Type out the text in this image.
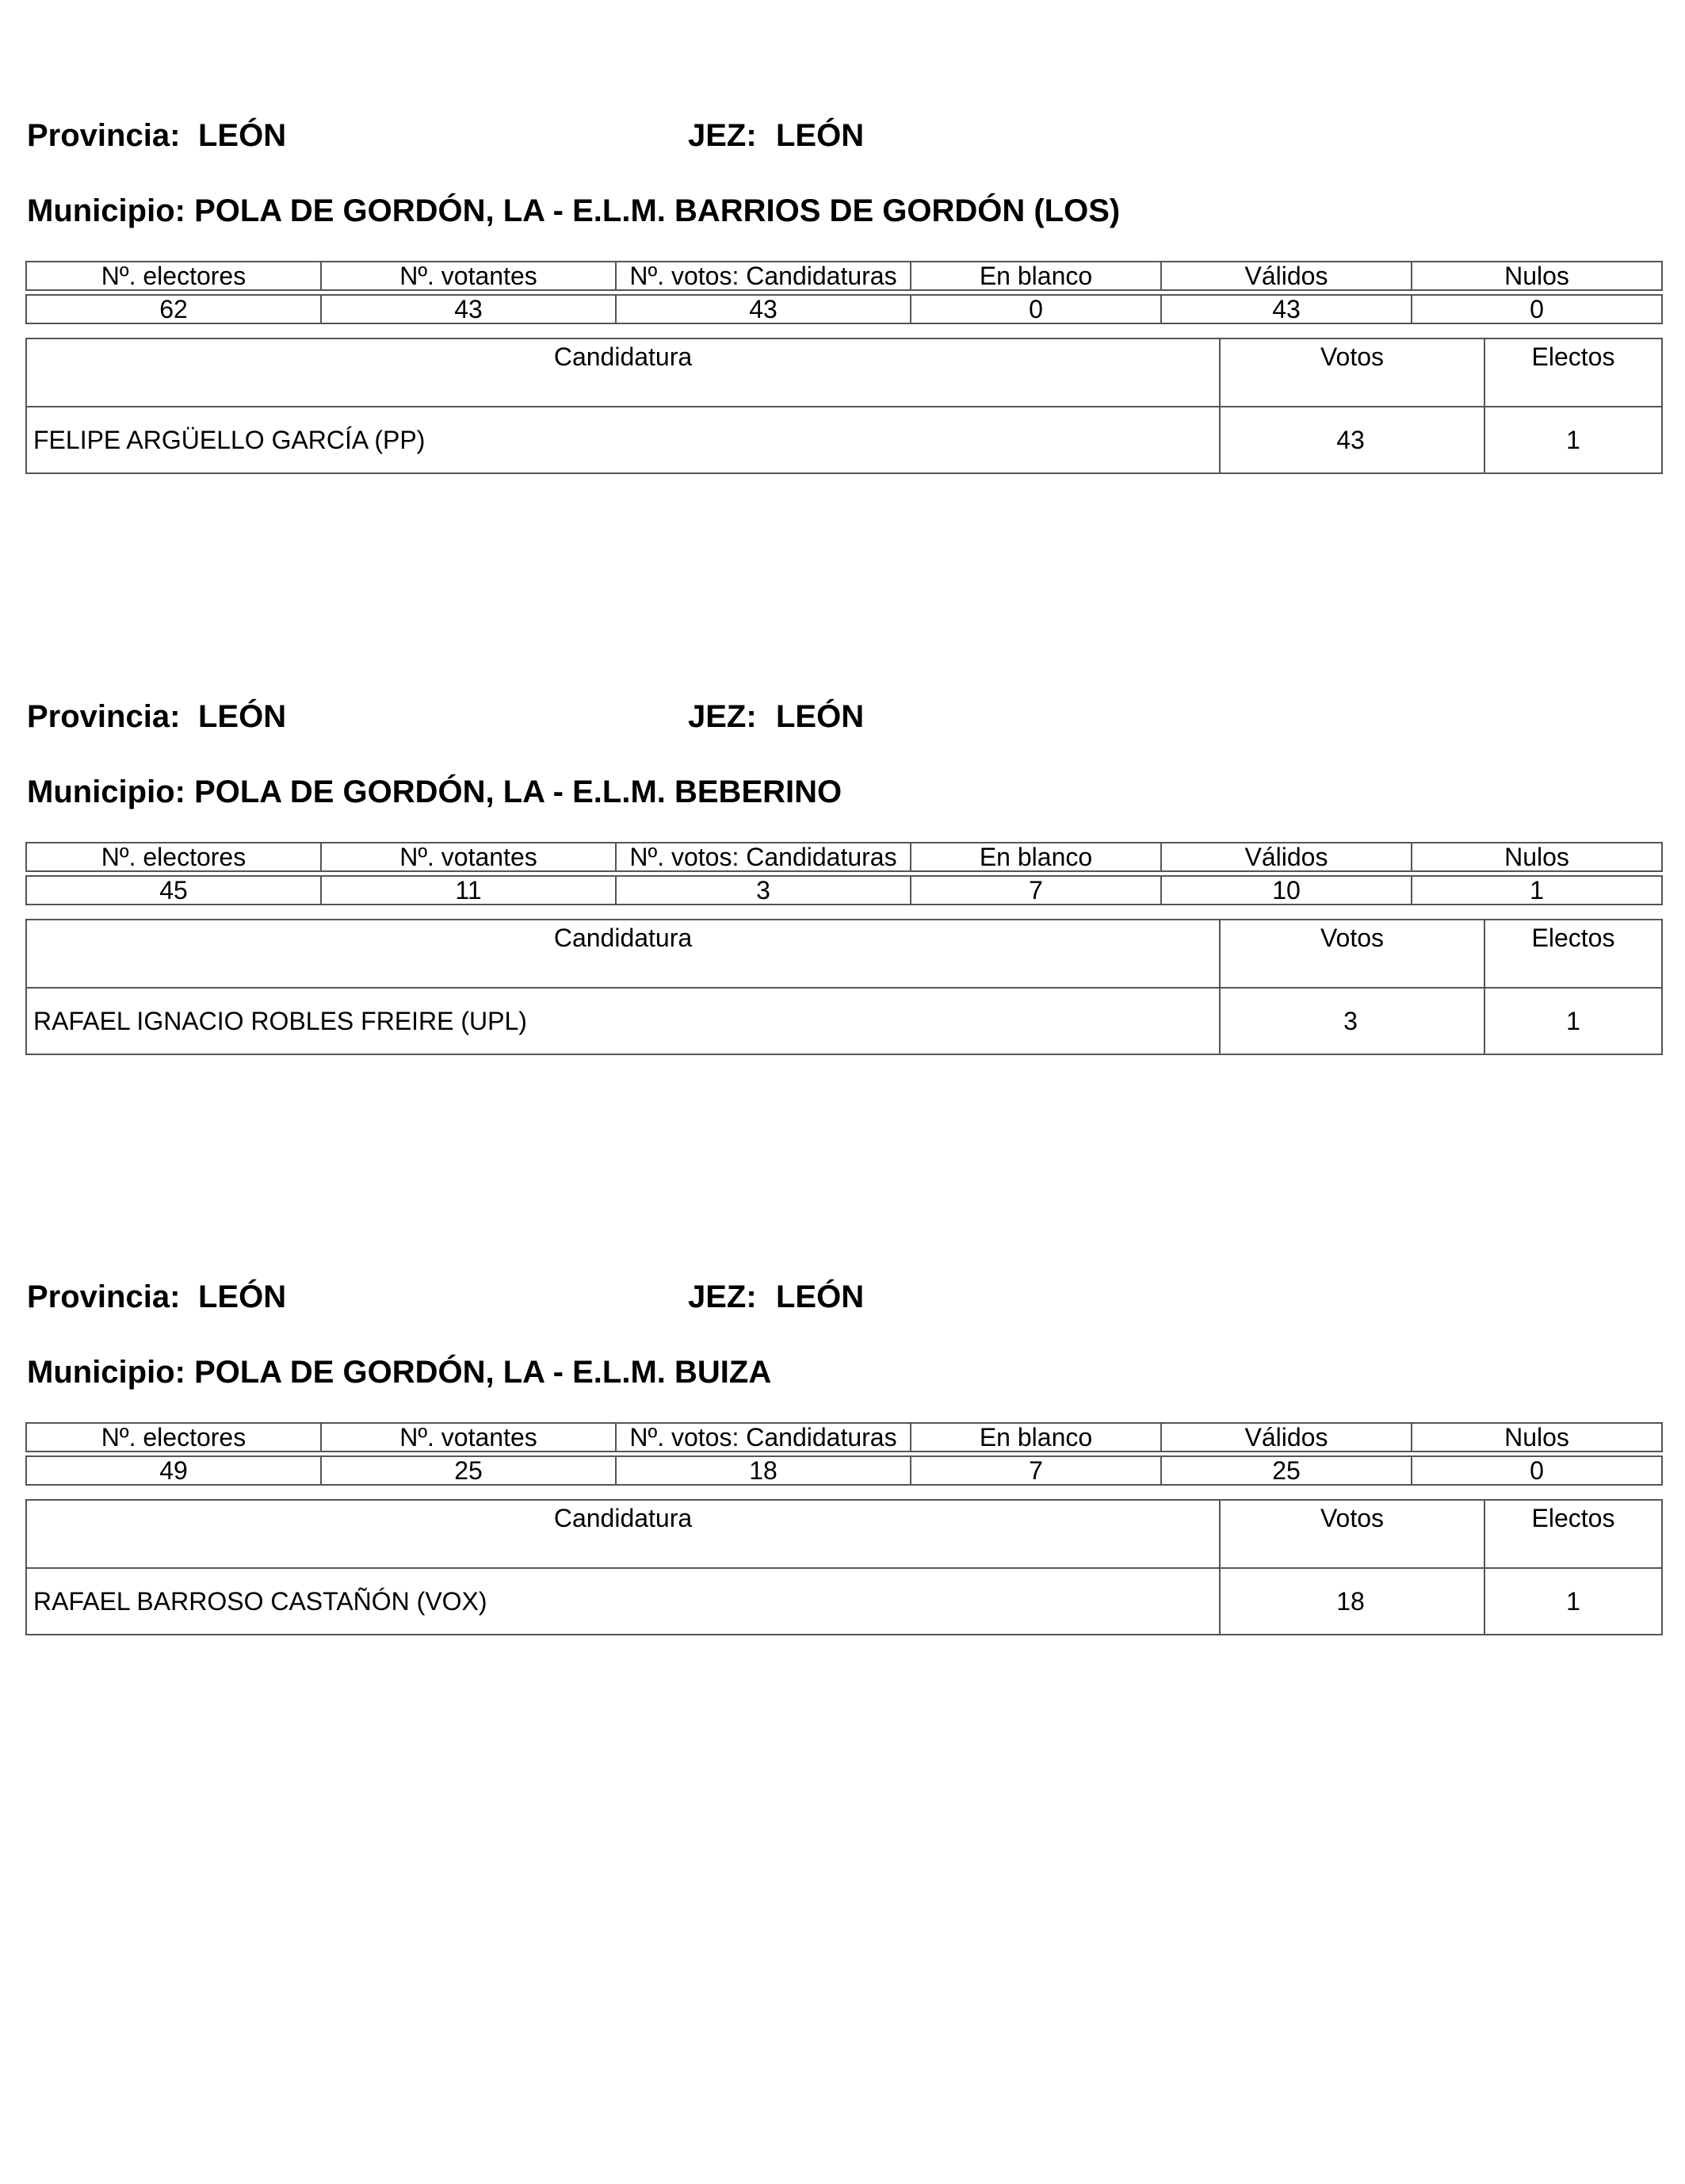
Provincia: LEÓN	JEZ: LEÓN
Municipio: POLA DE GORDÓN, LA - E.L.M. BARRIOS DE GORDÓN (LOS)
Nº. electores	Nº. votantes	Nº. votos: Candidaturas	En blanco	Válidos	Nulos

62	43	43	0	43	0
Candidatura	Votos	Electos
FELIPE ARGÜELLO GARCÍA (PP)	43	1
Provincia: LEÓN	JEZ: LEÓN
Municipio: POLA DE GORDÓN, LA - E.L.M. BEBERINO
Nº. electores	Nº. votantes	Nº. votos: Candidaturas	En blanco	Válidos	Nulos

45	11	3	7	10	1
Candidatura	Votos	Electos
RAFAEL IGNACIO ROBLES FREIRE (UPL)	3	1
Provincia: LEÓN	JEZ: LEÓN
Municipio: POLA DE GORDÓN, LA - E.L.M. BUIZA
Nº. electores	Nº. votantes	Nº. votos: Candidaturas	En blanco	Válidos	Nulos

49	25	18	7	25	0
Candidatura	Votos	Electos
RAFAEL BARROSO CASTAÑÓN (VOX)	18	1
